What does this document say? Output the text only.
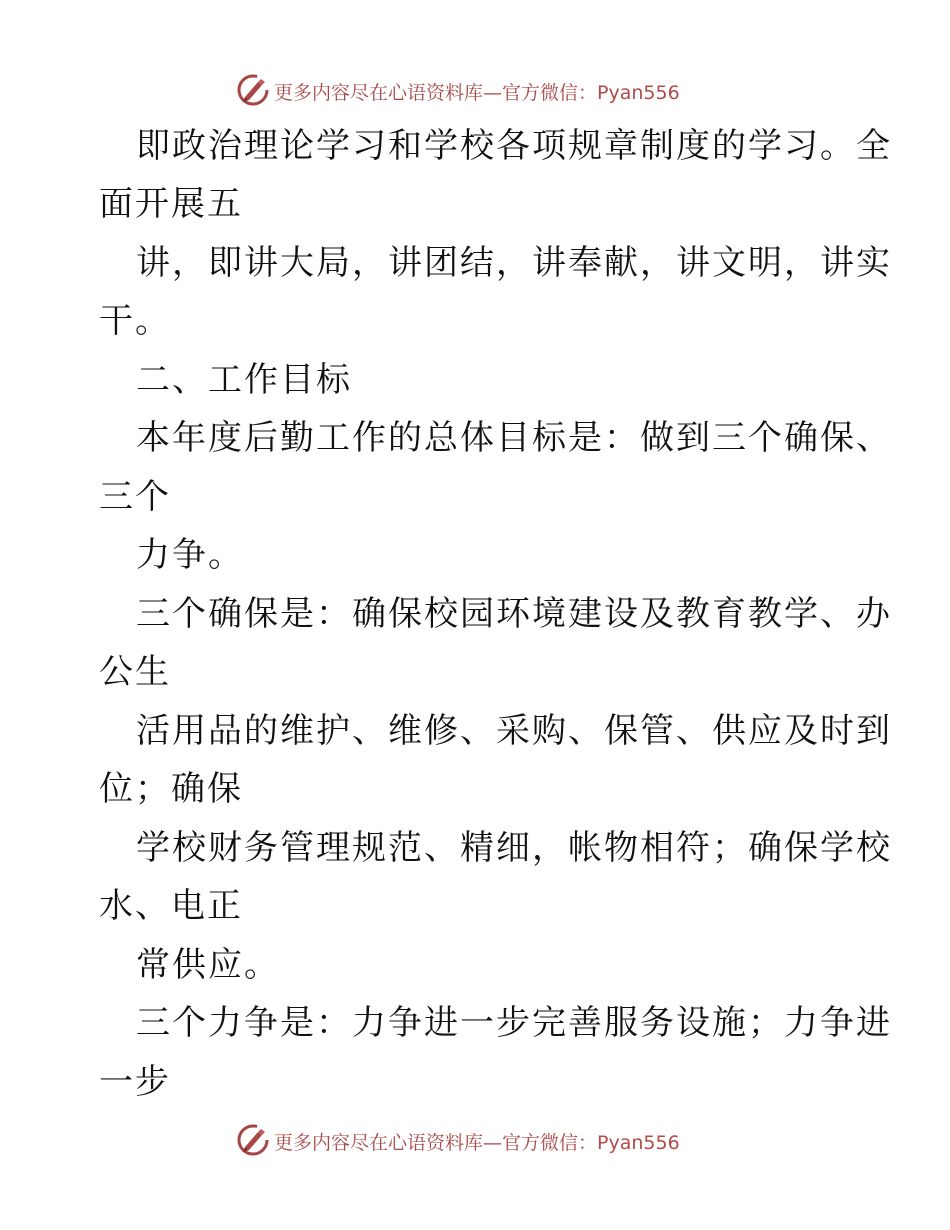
更多内容尽在心语资料库—官方微信：Pyan556
即政治理论学习和学校各项规章制度的学习。全
面开展五
讲，即讲大局，讲团结，讲奉献，讲文明，讲实
干。
二、工作目标
本年度后勤工作的总体目标是：做到三个确保、
三个
力争。
三个确保是：确保校园环境建设及教育教学、办
公生
活用品的维护、维修、采购、保管、供应及时到
位；确保
学校财务管理规范、精细，帐物相符；确保学校
水、电正
常供应。
三个力争是：力争进一步完善服务设施；力争进
一步
更多内容尽在心语资料库—官方微信：Pyan556
